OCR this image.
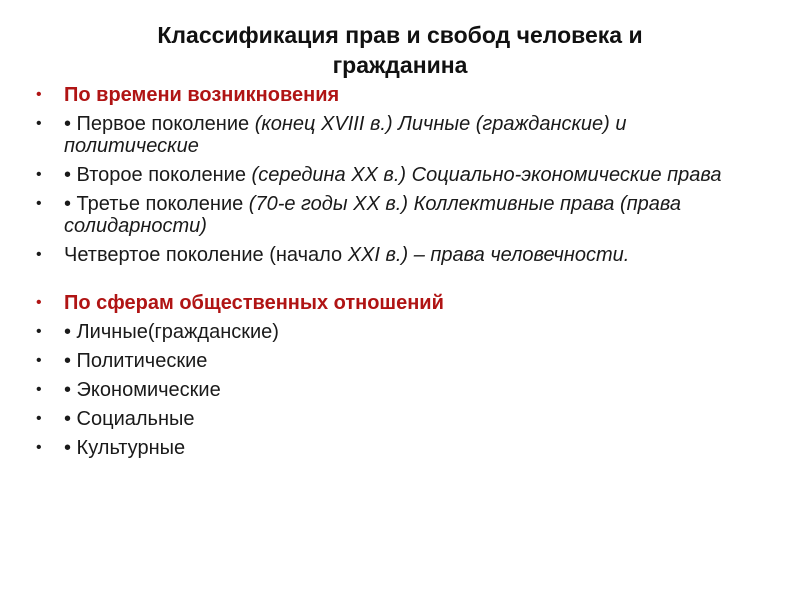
Классификация прав и свобод человека и
гражданина
•	По времени возникновения
•	• Первое поколение (конец XVIII в.) Личные (гражданские) и политические
•	• Второе поколение (середина XX в.) Социально-экономические права
•	• Третье поколение (70-е годы XX в.) Коллективные права (права солидарности)
•	Четвертое поколение (начало XXI в.) – права человечности.
•	По сферам общественных отношений
•	• Личные(гражданские)
•	• Политические
•	• Экономические
•	• Социальные
•	• Культурные
